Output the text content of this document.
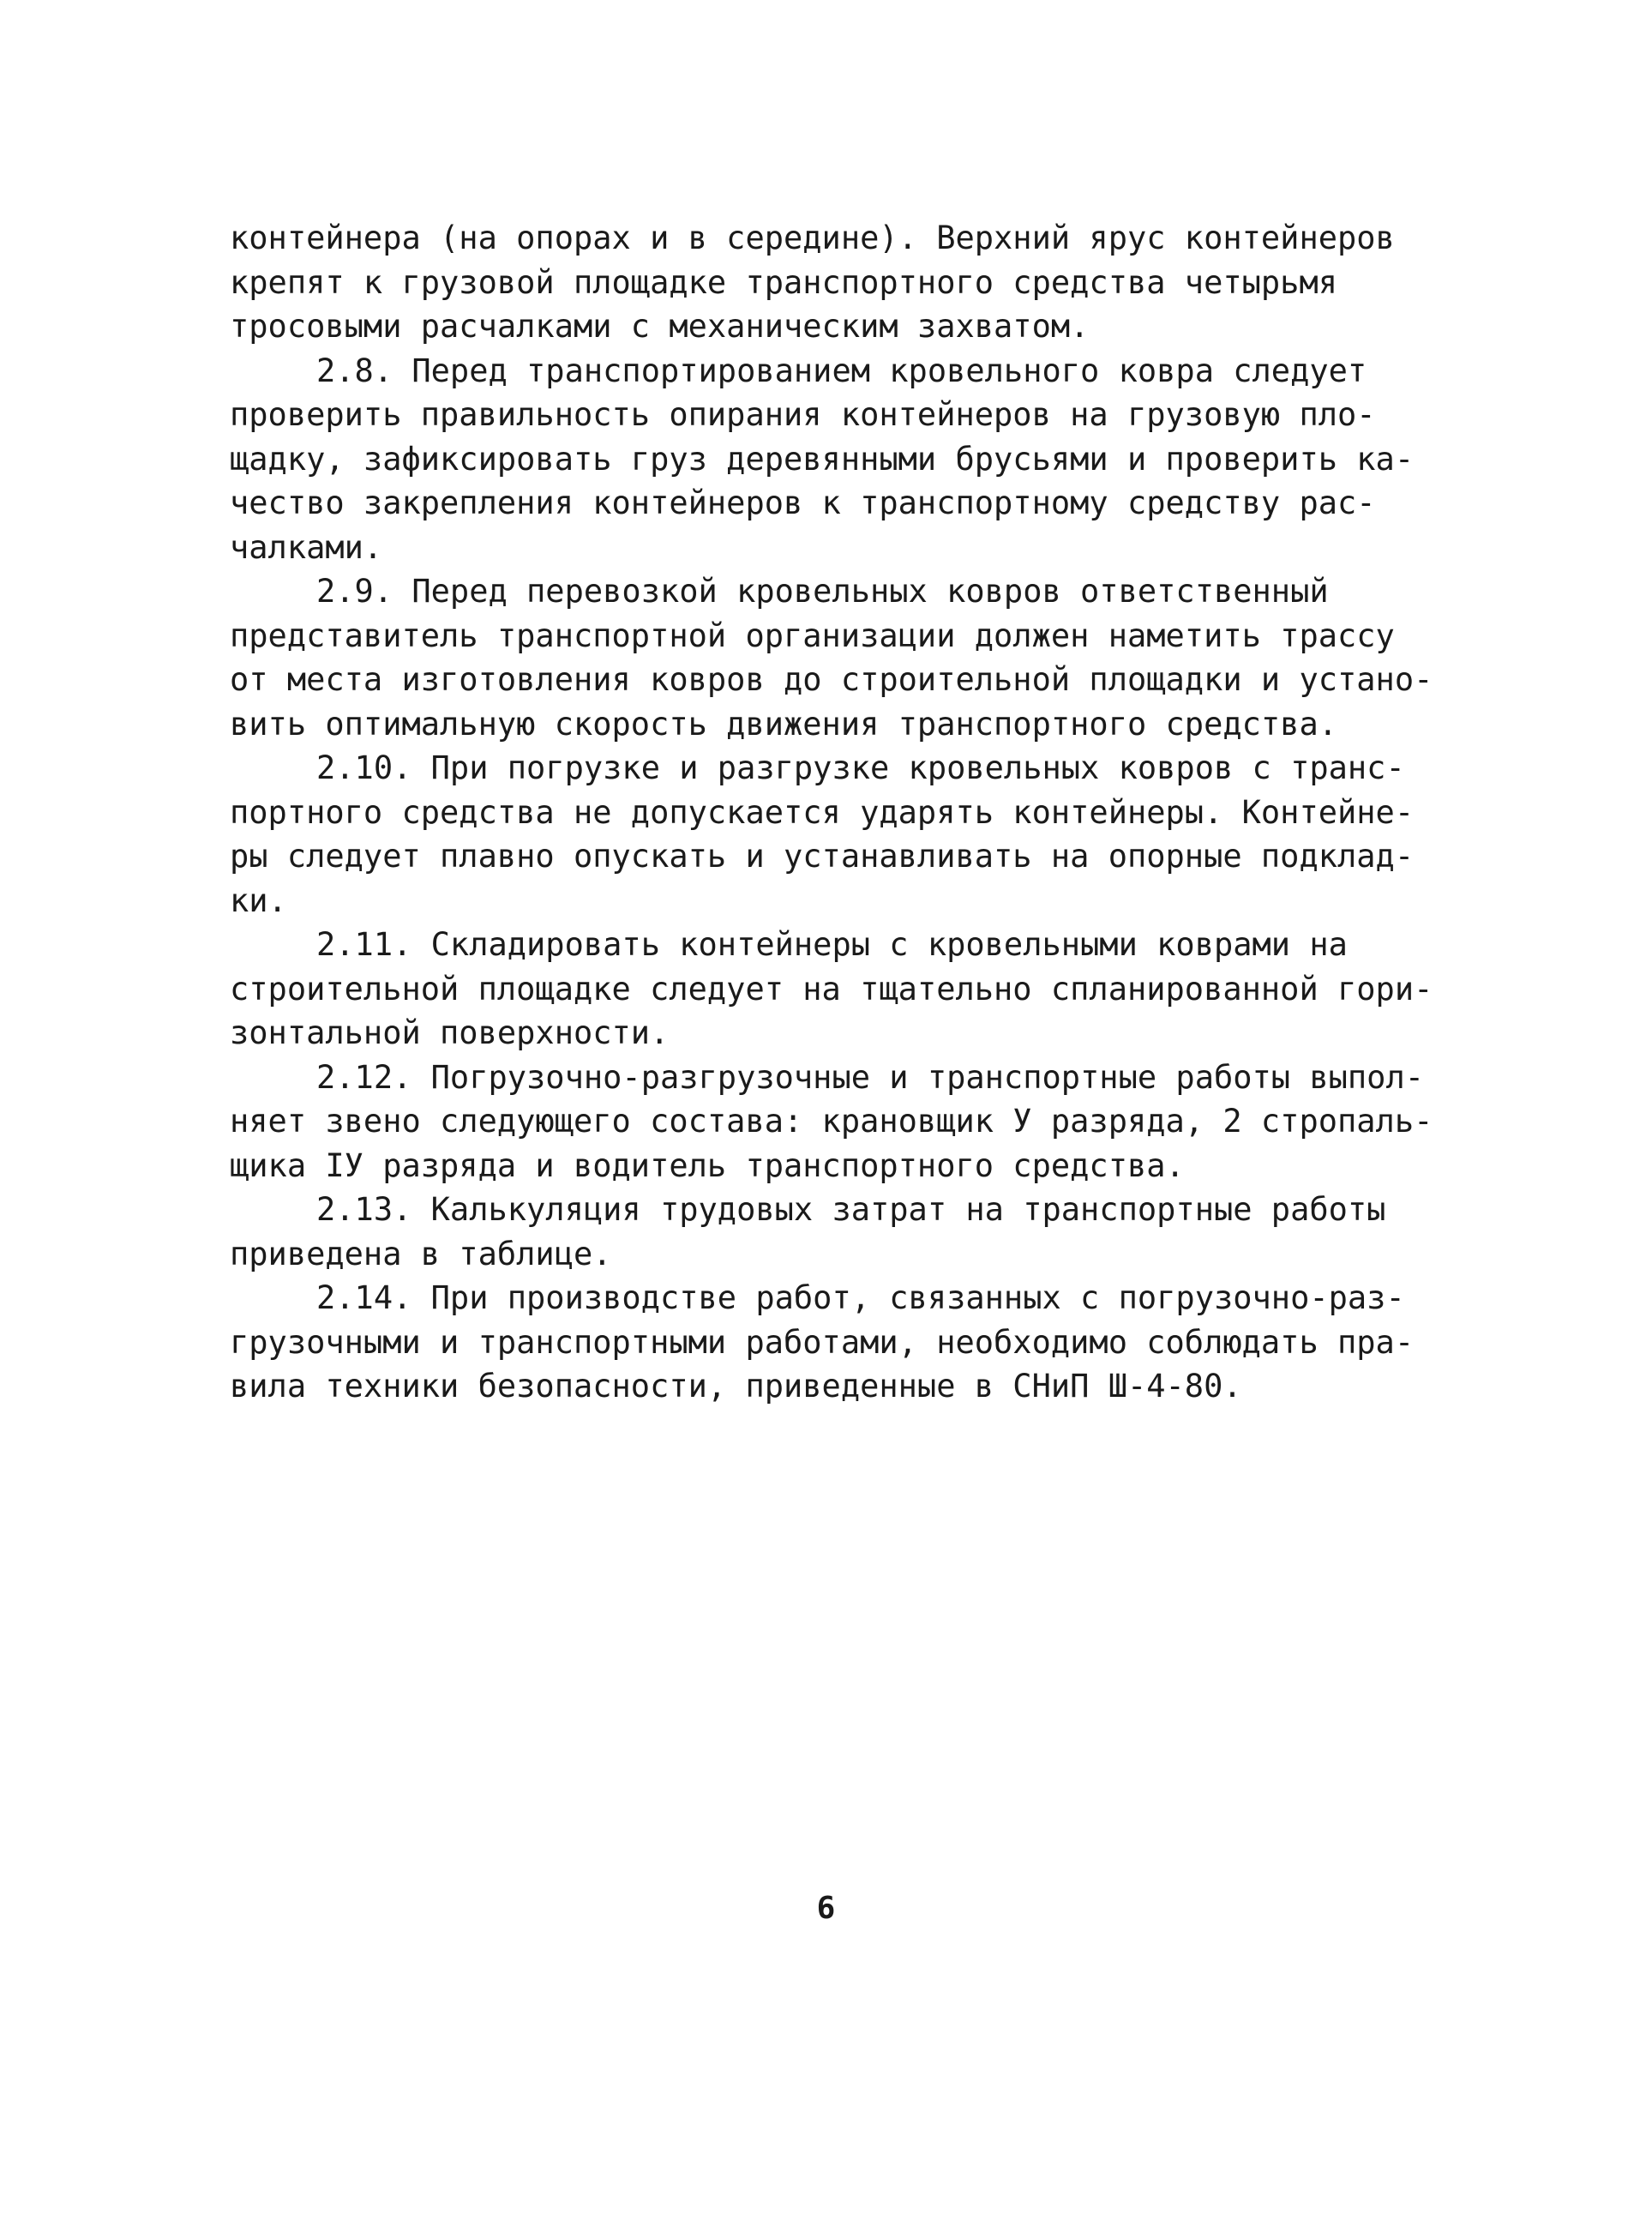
контейнера (на опорах и в середине). Верхний ярус контейнеров
крепят к грузовой площадке транспортного средства четырьмя
тросовыми расчалками с механическим захватом.
2.8. Перед транспортированием кровельного ковра следует
проверить правильность опирания контейнеров на грузовую пло-
щадку, зафиксировать груз деревянными брусьями и проверить ка-
чество закрепления контейнеров к транспортному средству рас-
чалками.
2.9. Перед перевозкой кровельных ковров ответственный
представитель транспортной организации должен наметить трассу
от места изготовления ковров до строительной площадки и устано-
вить оптимальную скорость движения транспортного средства.
2.10. При погрузке и разгрузке кровельных ковров с транс-
портного средства не допускается ударять контейнеры. Контейне-
ры следует плавно опускать и устанавливать на опорные подклад-
ки.
2.11. Складировать контейнеры с кровельными коврами на
строительной площадке следует на тщательно спланированной гори-
зонтальной поверхности.
2.12. Погрузочно-разгрузочные и транспортные работы выпол-
няет звено следующего состава: крановщик У разряда, 2 стропаль-
щика IУ разряда и водитель транспортного средства.
2.13. Калькуляция трудовых затрат на транспортные работы
приведена в таблице.
2.14. При производстве работ, связанных с погрузочно-раз-
грузочными и транспортными работами, необходимо соблюдать пра-
вила техники безопасности, приведенные в СНиП Ш-4-80.
6
